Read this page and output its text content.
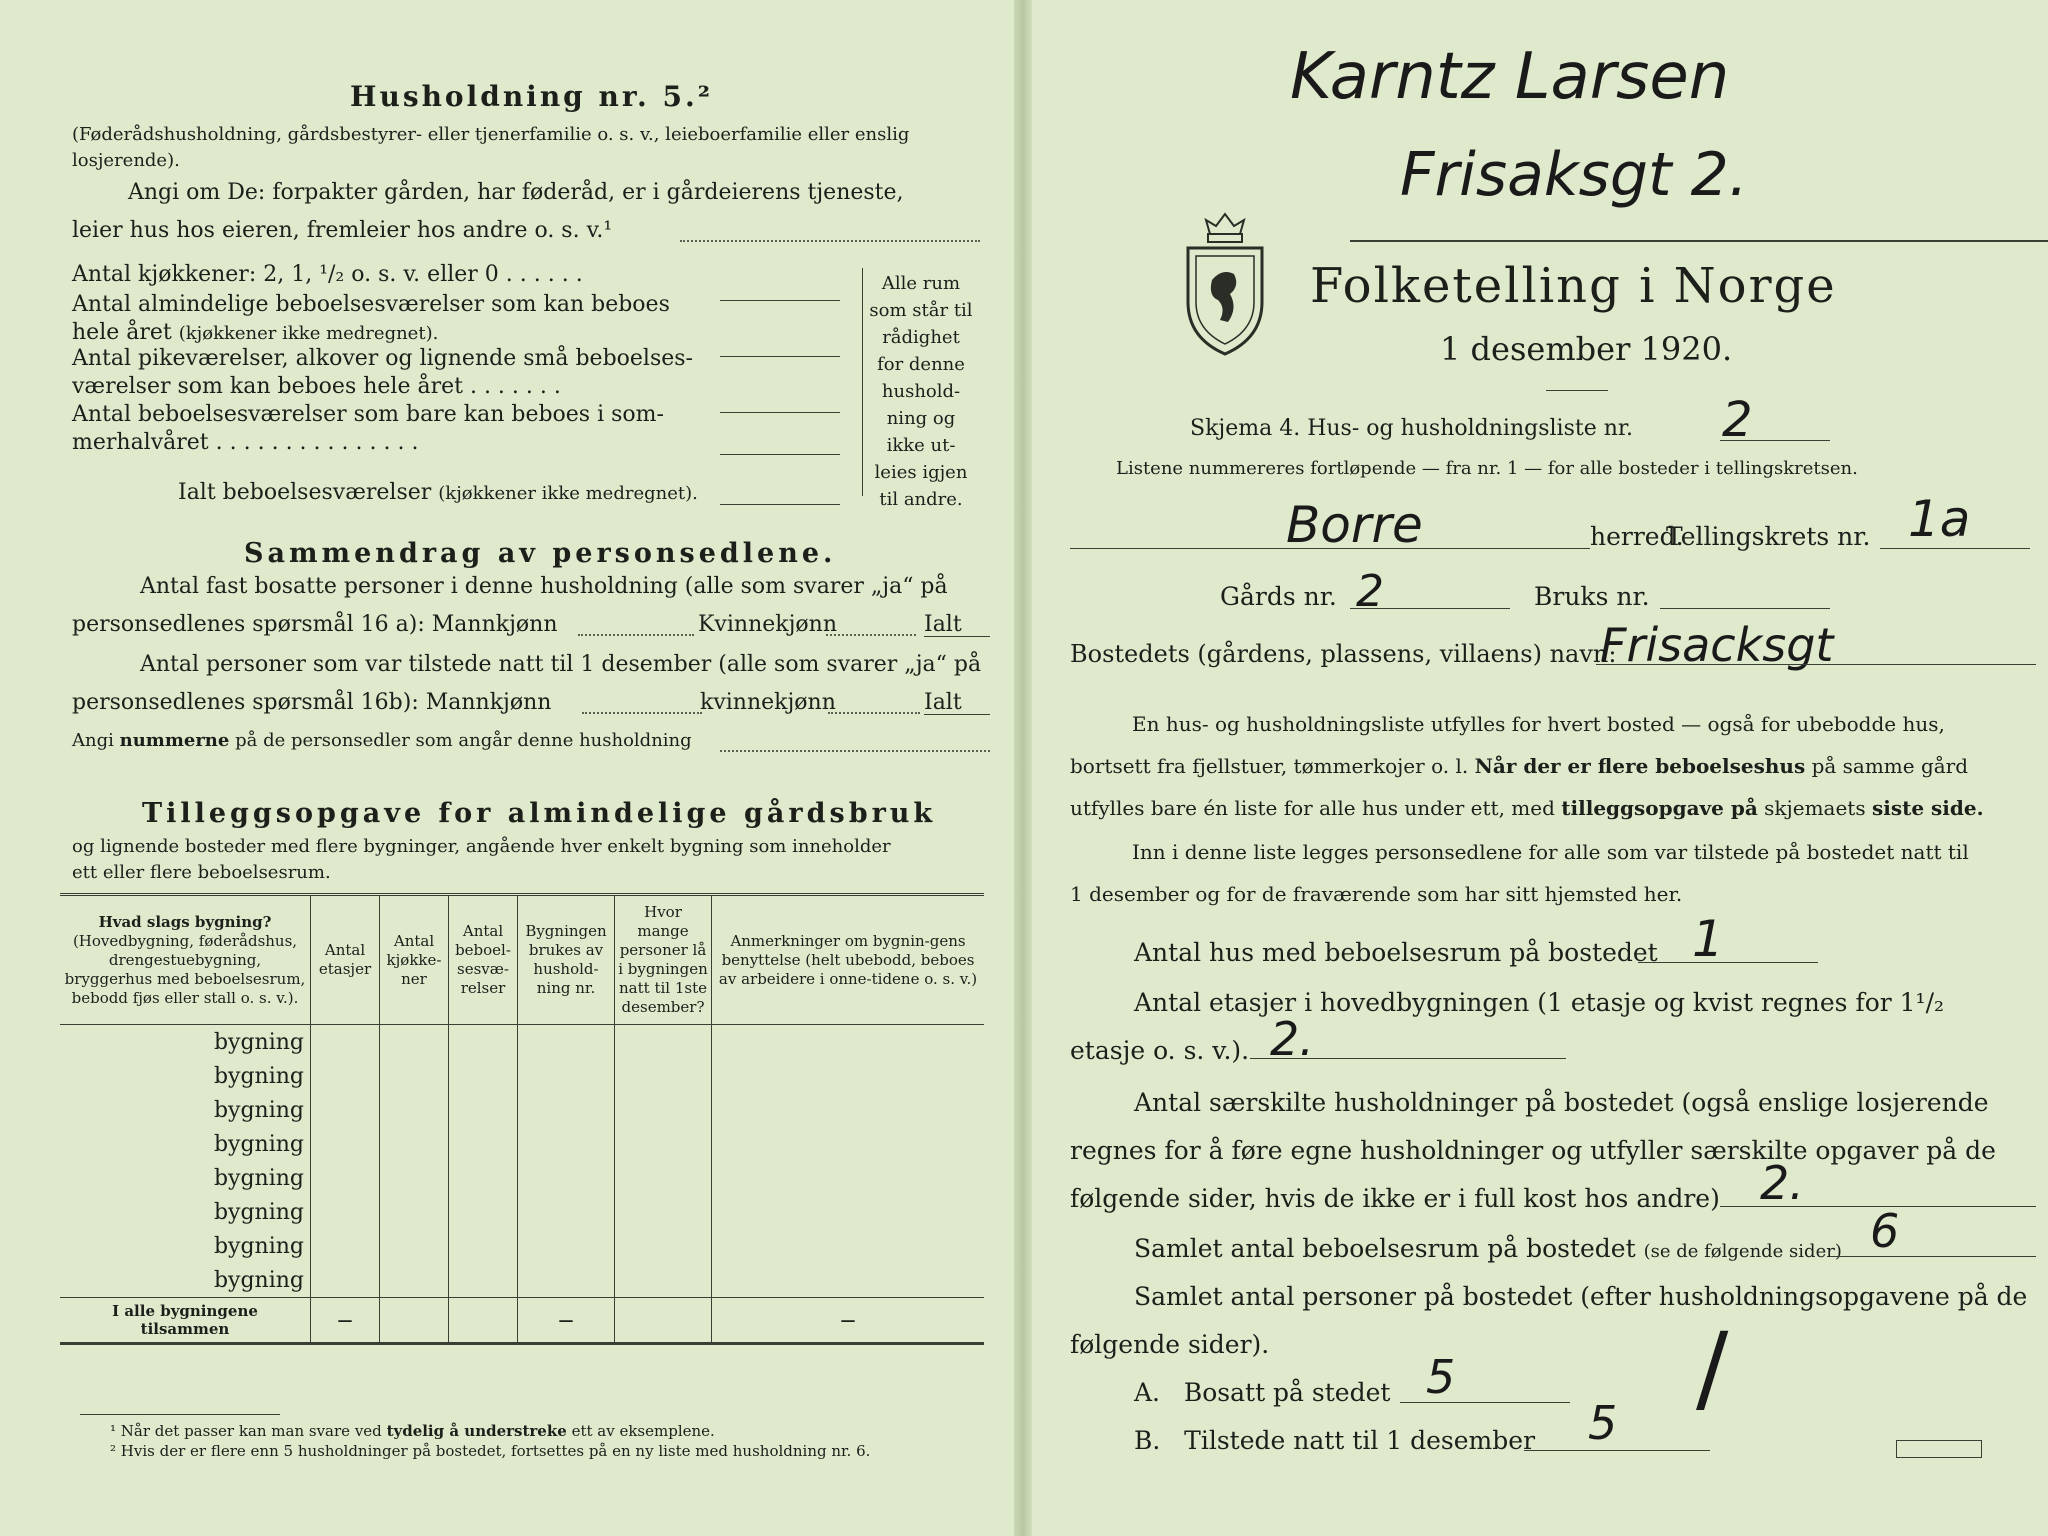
Husholdning nr. 5.²
(Føderådshusholdning, gårdsbestyrer- eller tjenerfamilie o. s. v., leieboerfamilie eller enslig losjerende).
Angi om De: forpakter gården, har føderåd, er i gårdeierens tjeneste,
leier hus hos eieren, fremleier hos andre o. s. v.¹
Antal kjøkkener: 2, 1, ¹/₂ o. s. v. eller 0 . . . . . .
Antal almindelige beboelsesværelser som kan beboes
hele året (kjøkkener ikke medregnet).
Antal pikeværelser, alkover og lignende små beboelses-
værelser som kan beboes hele året . . . . . . .
Antal beboelsesværelser som bare kan beboes i som-
merhalvåret . . . . . . . . . . . . . . .
Ialt beboelsesværelser (kjøkkener ikke medregnet).
Alle rum
som står til
rådighet
for denne
hushold-
ning og
ikke ut-
leies igjen
til andre.
Sammendrag av personsedlene.
Antal fast bosatte personer i denne husholdning (alle som svarer „ja“ på
personsedlenes spørsmål 16 a): Mannkjønn	Kvinnekjønn	Ialt
Antal personer som var tilstede natt til 1 desember (alle som svarer „ja“ på
personsedlenes spørsmål 16b): Mannkjønn	kvinnekjønn	Ialt
Angi nummerne på de personsedler som angår denne husholdning
Tilleggsopgave for almindelige gårdsbruk
og lignende bosteder med flere bygninger, angående hver enkelt bygning som inneholder
ett eller flere beboelsesrum.
Hvad slags bygning?
(Hovedbygning, føderådshus, drengestuebygning, bryggerhus med beboelsesrum, bebodd fjøs eller stall o. s. v.).	Antal etasjer	Antal kjøkke-ner	Antal beboel-sesvæ-relser	Bygningen brukes av hushold-ning nr.	Hvor mange personer lå i bygningen natt til 1ste desember?	Anmerkninger om bygnin-gens benyttelse (helt ubebodd, beboes av arbeidere i onne-tidene o. s. v.)
bygning						
bygning						
bygning						
bygning						
bygning						
bygning						
bygning						
bygning						
I alle bygningene tilsammen	—			—		—
¹ Når det passer kan man svare ved tydelig å understreke ett av eksemplene.
² Hvis der er flere enn 5 husholdninger på bostedet, fortsettes på en ny liste med husholdning nr. 6.
Karntz Larsen
Frisaksgt 2.
Folketelling i Norge
1 desember 1920.
Skjema 4. Hus- og husholdningsliste nr. 2
Listene nummereres fortløpende — fra nr. 1 — for alle bosteder i tellingskretsen.
Borre	herred.
Tellingskrets nr. 1a
Gårds nr. 2	Bruks nr.
Bostedets (gårdens, plassens, villaens) navn:
Frisacksgt
En hus- og husholdningsliste utfylles for hvert bosted — også for ubebodde hus,
bortsett fra fjellstuer, tømmerkojer o. l. Når der er flere beboelseshus på samme gård
utfylles bare én liste for alle hus under ett, med tilleggsopgave på skjemaets siste side.
Inn i denne liste legges personsedlene for alle som var tilstede på bostedet natt til
1 desember og for de fraværende som har sitt hjemsted her.
Antal hus med beboelsesrum på bostedet 1
Antal etasjer i hovedbygningen (1 etasje og kvist regnes for 1¹/₂
etasje o. s. v.). 2.
Antal særskilte husholdninger på bostedet (også enslige losjerende
regnes for å føre egne husholdninger og utfyller særskilte opgaver på de
følgende sider, hvis de ikke er i full kost hos andre) 2.
Samlet antal beboelsesrum på bostedet (se de følgende sider) 6
Samlet antal personer på bostedet (efter husholdningsopgavene på de
følgende sider).
A. Bosatt på stedet 5
B. Tilstede natt til 1 desember 5 /
